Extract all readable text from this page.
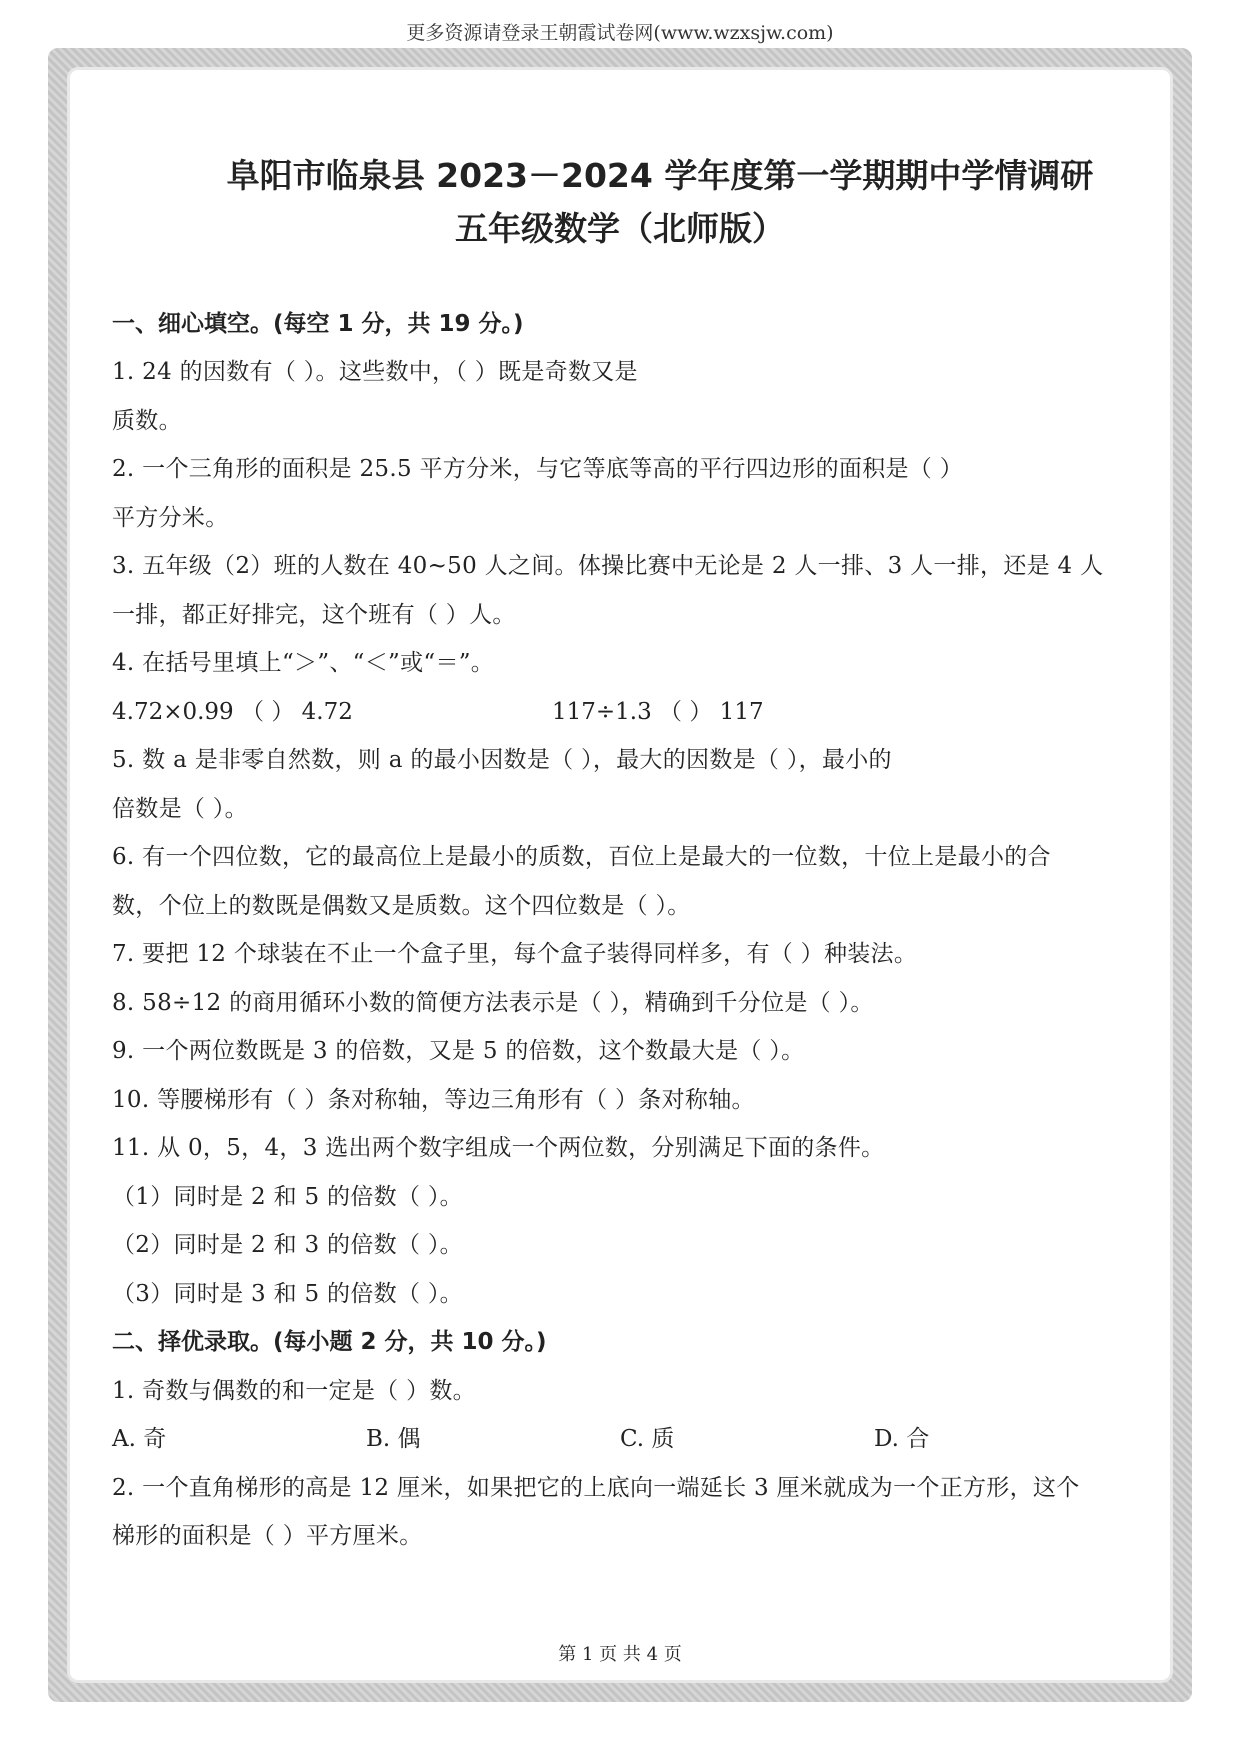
更多资源请登录王朝霞试卷网(www.wzxsjw.com)

阜阳市临泉县 2023－2024 学年度第一学期期中学情调研

五年级数学（北师版）

一、细心填空。(每空 1 分，共 19 分。)

1. 24 的因数有（ ）。这些数中，（ ）既是奇数又是

质数。

2. 一个三角形的面积是 25.5 平方分米，与它等底等高的平行四边形的面积是（ ）

平方分米。

3. 五年级（2）班的人数在 40~50 人之间。体操比赛中无论是 2 人一排、3 人一排，还是 4 人

一排，都正好排完，这个班有（ ）人。

4. 在括号里填上“＞”、“＜”或“＝”。

4.72×0.99 （ ） 4.72	117÷1.3 （ ） 117

5. 数 a 是非零自然数，则 a 的最小因数是（ ），最大的因数是（ ），最小的

倍数是（ ）。

6. 有一个四位数，它的最高位上是最小的质数，百位上是最大的一位数，十位上是最小的合

数，个位上的数既是偶数又是质数。这个四位数是（ ）。

7. 要把 12 个球装在不止一个盒子里，每个盒子装得同样多，有（ ）种装法。

8. 58÷12 的商用循环小数的简便方法表示是（ ），精确到千分位是（ ）。

9. 一个两位数既是 3 的倍数，又是 5 的倍数，这个数最大是（ ）。

10. 等腰梯形有（ ）条对称轴，等边三角形有（ ）条对称轴。

11. 从 0，5，4，3 选出两个数字组成一个两位数，分别满足下面的条件。

（1）同时是 2 和 5 的倍数（ ）。

（2）同时是 2 和 3 的倍数（ ）。

（3）同时是 3 和 5 的倍数（ ）。

二、择优录取。(每小题 2 分，共 10 分。)

1. 奇数与偶数的和一定是（ ）数。

A. 奇	B. 偶	C. 质	D. 合

2. 一个直角梯形的高是 12 厘米，如果把它的上底向一端延长 3 厘米就成为一个正方形，这个

梯形的面积是（ ）平方厘米。

第 1 页 共 4 页
